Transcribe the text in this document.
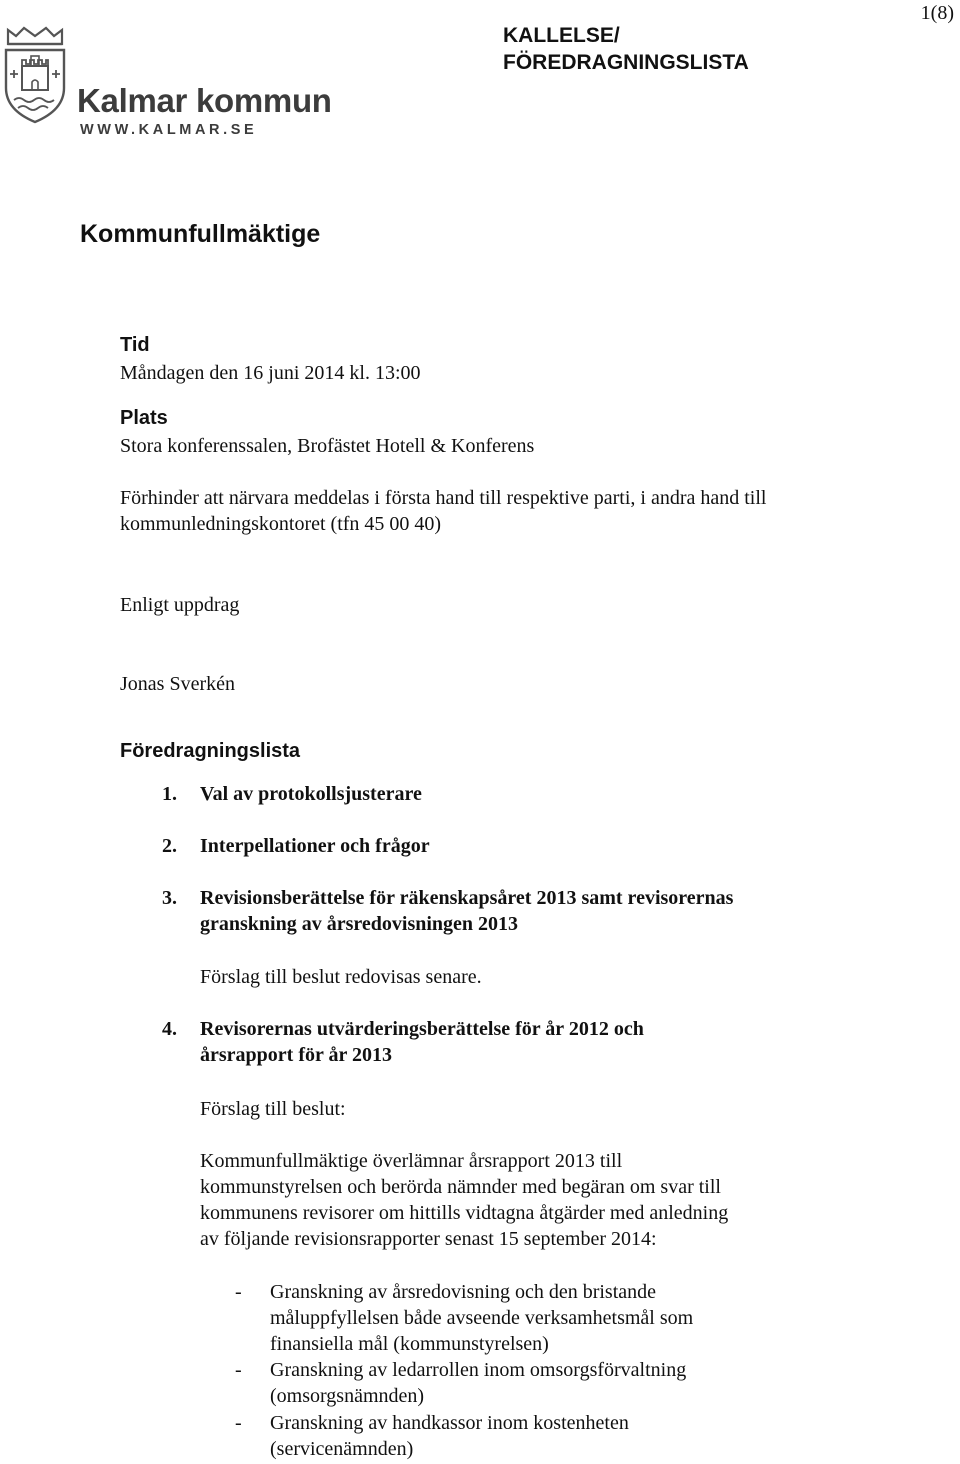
1(8)
Kalmar kommun
WWW.KALMAR.SE
KALLELSE/
FÖREDRAGNINGSLISTA
Kommunfullmäktige
Tid
Måndagen den 16 juni 2014 kl. 13:00
Plats
Stora konferenssalen, Brofästet Hotell & Konferens
Förhinder att närvara meddelas i första hand till respektive parti, i andra hand till kommunledningskontoret (tfn 45 00 40)
Enligt uppdrag
Jonas Sverkén
Föredragningslista
1. Val av protokollsjusterare
2. Interpellationer och frågor
3. Revisionsberättelse för räkenskapsåret 2013 samt revisorernas granskning av årsredovisningen 2013
Förslag till beslut redovisas senare.
4. Revisorernas utvärderingsberättelse för år 2012 och årsrapport för år 2013
Förslag till beslut:
Kommunfullmäktige överlämnar årsrapport 2013 till kommunstyrelsen och berörda nämnder med begäran om svar till kommunens revisorer om hittills vidtagna åtgärder med anledning av följande revisionsrapporter senast 15 september 2014:
- Granskning av årsredovisning och den bristande måluppfyllelsen både avseende verksamhetsmål som finansiella mål (kommunstyrelsen)
- Granskning av ledarrollen inom omsorgsförvaltning (omsorgsnämnden)
- Granskning av handkassor inom kostenheten (servicenämnden)
